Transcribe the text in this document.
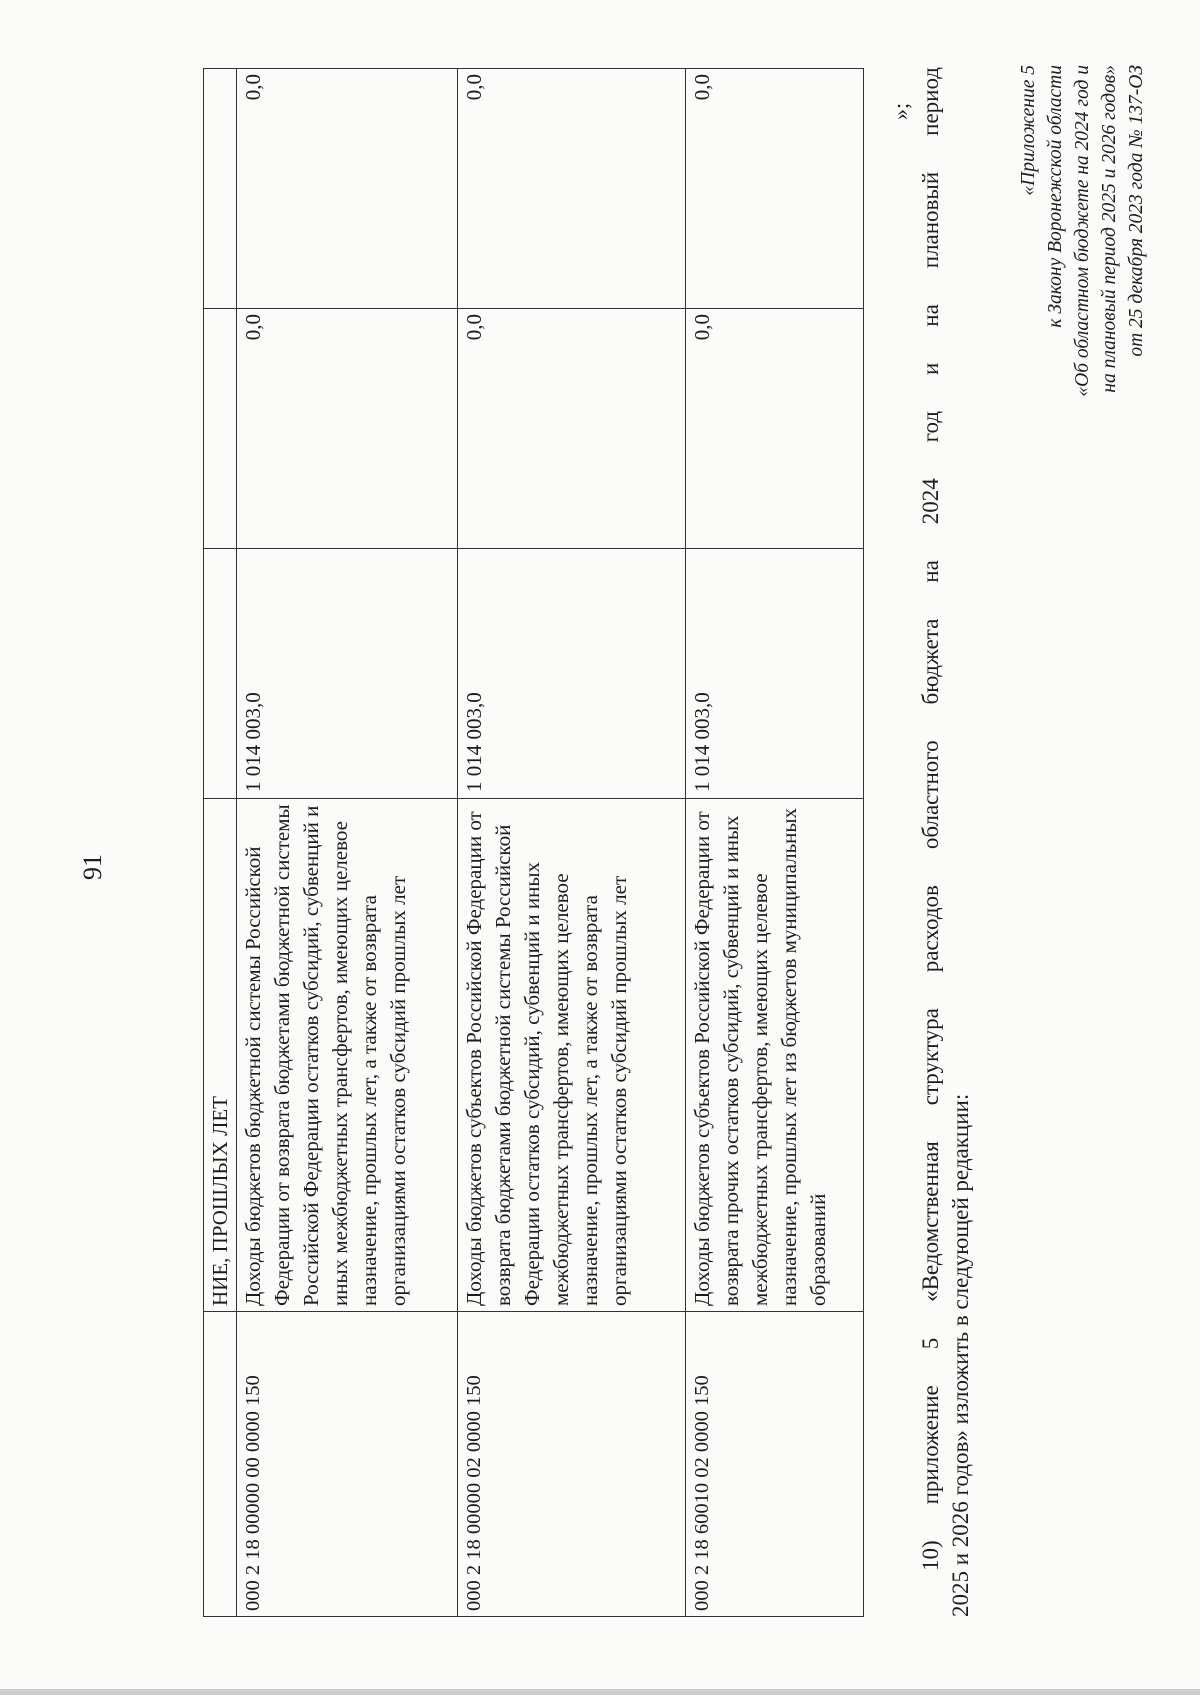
91
	НИЕ, ПРОШЛЫХ ЛЕТ			
000 2 18 00000 00 0000 150	Доходы бюджетов бюджетной системы Российской Федерации от возврата бюджетами бюджетной системы Российской Федерации остатков субсидий, субвенций и иных межбюджетных трансфертов, имеющих целевое назначение, прошлых лет, а также от возврата организациями остатков субсидий прошлых лет	1 014 003,0	0,0	0,0
000 2 18 00000 02 0000 150	Доходы бюджетов субъектов Российской Федерации от возврата бюджетами бюджетной системы Российской Федерации остатков субсидий, субвенций и иных межбюджетных трансфертов, имеющих целевое назначение, прошлых лет, а также от возврата организациями остатков субсидий прошлых лет	1 014 003,0	0,0	0,0
000 2 18 60010 02 0000 150	Доходы бюджетов субъектов Российской Федерации от возврата прочих остатков субсидий, субвенций и иных межбюджетных трансфертов, имеющих целевое назначение, прошлых лет из бюджетов муниципальных образований	1 014 003,0	0,0	0,0
»; 10) приложение 5 «Ведомственная структура расходов областного бюджета на 2024 год и на плановый период 2025 и 2026 годов» изложить в следующей редакции:

«Приложение 5 к Закону Воронежской области «Об областном бюджете на 2024 год и на плановый период 2025 и 2026 годов» от 25 декабря 2023 года № 137-ОЗ
